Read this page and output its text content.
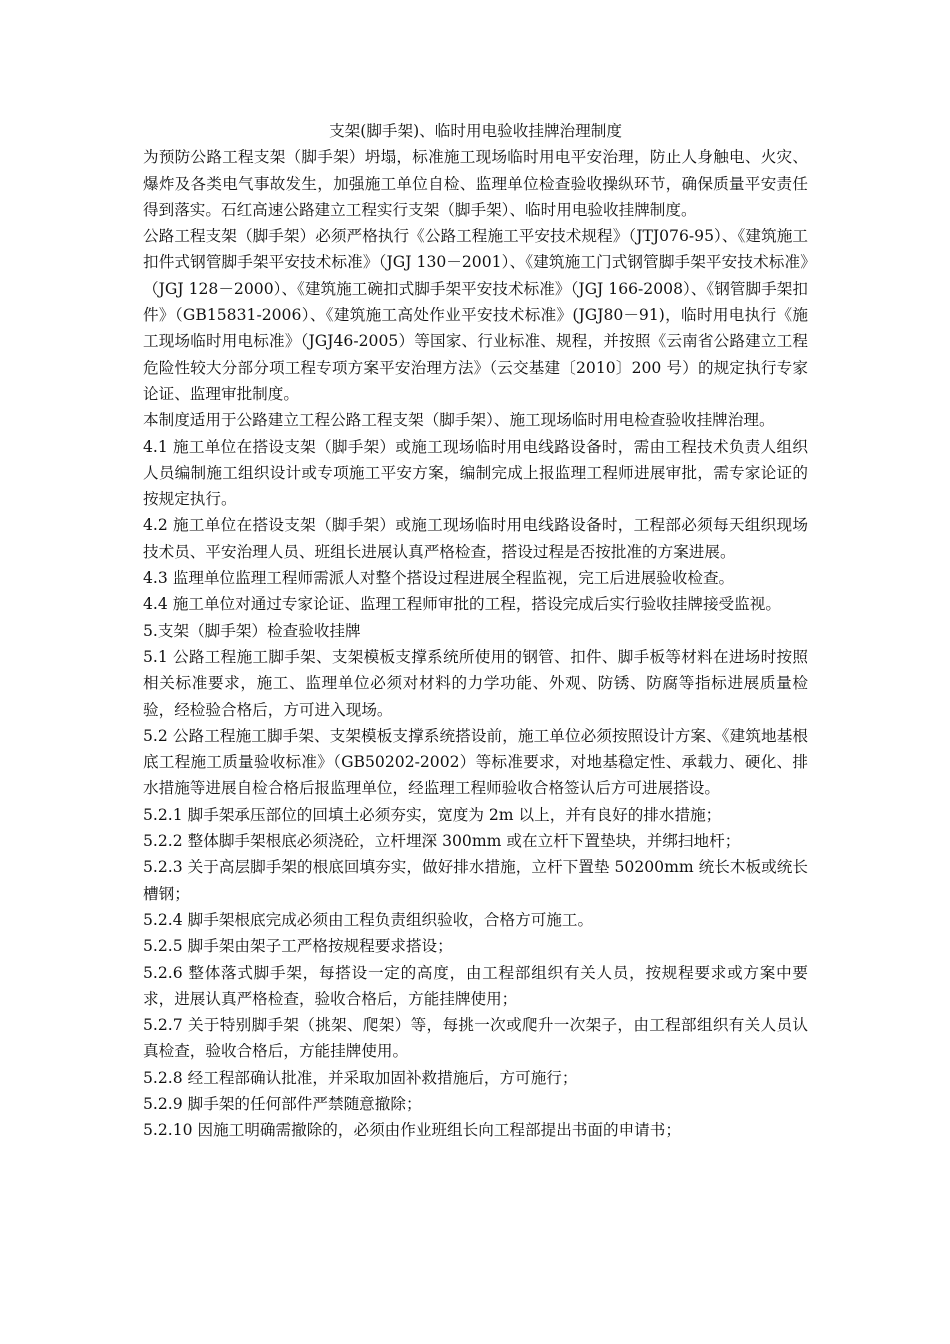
支架(脚手架)、临时用电验收挂牌治理制度

为预防公路工程支架（脚手架）坍塌，标准施工现场临时用电平安治理，防止人身触电、火灾、爆炸及各类电气事故发生，加强施工单位自检、监理单位检查验收操纵环节，确保质量平安责任得到落实。石红高速公路建立工程实行支架（脚手架）、临时用电验收挂牌制度。

公路工程支架（脚手架）必须严格执行《公路工程施工平安技术规程》（JTJ076-95）、《建筑施工扣件式钢管脚手架平安技术标准》（JGJ 130－2001）、《建筑施工门式钢管脚手架平安技术标准》（JGJ 128－2000）、《建筑施工碗扣式脚手架平安技术标准》（JGJ 166-2008）、《钢管脚手架扣件》（GB15831-2006）、《建筑施工高处作业平安技术标准》(JGJ80－91)，临时用电执行《施工现场临时用电标准》（JGJ46-2005）等国家、行业标准、规程，并按照《云南省公路建立工程危险性较大分部分项工程专项方案平安治理方法》（云交基建〔2010〕200 号）的规定执行专家论证、监理审批制度。

本制度适用于公路建立工程公路工程支架（脚手架）、施工现场临时用电检查验收挂牌治理。

4.1 施工单位在搭设支架（脚手架）或施工现场临时用电线路设备时，需由工程技术负责人组织人员编制施工组织设计或专项施工平安方案，编制完成上报监理工程师进展审批，需专家论证的按规定执行。

4.2 施工单位在搭设支架（脚手架）或施工现场临时用电线路设备时，工程部必须每天组织现场技术员、平安治理人员、班组长进展认真严格检查，搭设过程是否按批准的方案进展。

4.3 监理单位监理工程师需派人对整个搭设过程进展全程监视，完工后进展验收检查。

4.4 施工单位对通过专家论证、监理工程师审批的工程，搭设完成后实行验收挂牌接受监视。

5.支架（脚手架）检查验收挂牌

5.1 公路工程施工脚手架、支架模板支撑系统所使用的钢管、扣件、脚手板等材料在进场时按照相关标准要求，施工、监理单位必须对材料的力学功能、外观、防锈、防腐等指标进展质量检验，经检验合格后，方可进入现场。

5.2 公路工程施工脚手架、支架模板支撑系统搭设前，施工单位必须按照设计方案、《建筑地基根底工程施工质量验收标准》（GB50202-2002）等标准要求，对地基稳定性、承载力、硬化、排水措施等进展自检合格后报监理单位，经监理工程师验收合格签认后方可进展搭设。

5.2.1 脚手架承压部位的回填土必须夯实，宽度为 2m 以上，并有良好的排水措施；

5.2.2 整体脚手架根底必须浇砼，立杆埋深 300mm 或在立杆下置垫块，并绑扫地杆；

5.2.3 关于高层脚手架的根底回填夯实，做好排水措施，立杆下置垫 50200mm 统长木板或统长槽钢；

5.2.4 脚手架根底完成必须由工程负责组织验收，合格方可施工。

5.2.5 脚手架由架子工严格按规程要求搭设；

5.2.6 整体落式脚手架，每搭设一定的高度，由工程部组织有关人员，按规程要求或方案中要求，进展认真严格检查，验收合格后，方能挂牌使用；

5.2.7 关于特别脚手架（挑架、爬架）等，每挑一次或爬升一次架子，由工程部组织有关人员认真检查，验收合格后，方能挂牌使用。

5.2.8 经工程部确认批准，并采取加固补救措施后，方可施行；

5.2.9 脚手架的任何部件严禁随意撤除；

5.2.10 因施工明确需撤除的，必须由作业班组长向工程部提出书面的申请书；
